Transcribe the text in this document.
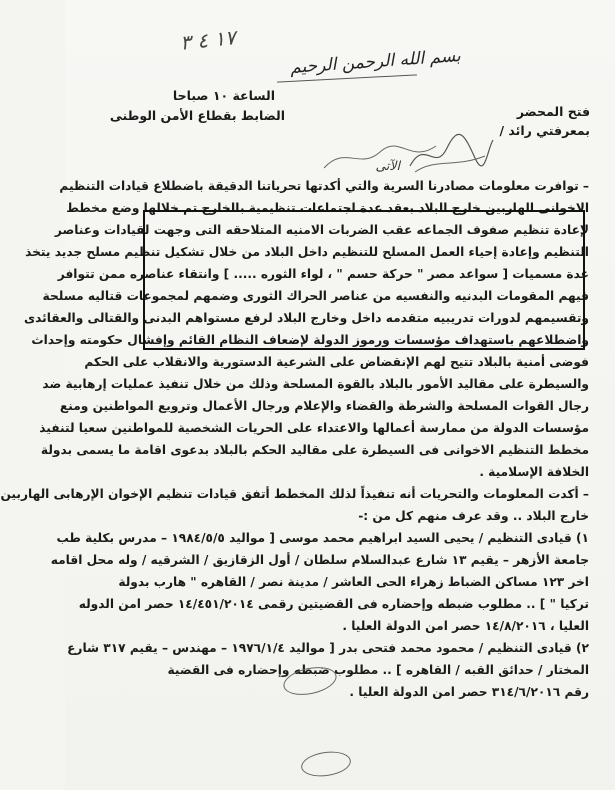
١٧ ٤ ٣
بسم الله الرحمن الرحيم
الساعة ١٠ صباحا
الضابط بقطاع الأمن الوطنى	فتح المحضر
بمعرفتي رائد /
الآتى
– توافرت معلومات مصادرنا السرية والتي أكدتها تحرياتنا الدقيقة باضطلاع قيادات التنظيم
الاخوانى الهاربين خارج البلاد بعقد عدة اجتماعات تنظيمية بالخارج تم خلالها وضع مخطط
لإعادة تنظيم صفوف الجماعه عقب الضربات الامنيه المتلاحقه التى وجهت لقيادات وعناصر
التنظيم وإعادة إحياء العمل المسلح للتنظيم داخل البلاد من خلال تشكيل تنظيم مسلح جديد يتخذ
عدة مسميات [ سواعد مصر " حركة حسم " ، لواء الثوره ..... ] وانتقاء عناصره ممن تتوافر
فيهم المقومات البدنيه والنفسيه من عناصر الحراك الثورى وضمهم لمجموعات قتاليه مسلحة
وتقسيمهم لدورات تدريبيه متقدمه داخل وخارج البلاد لرفع مستواهم البدنى والقتالى والعقائدى
واضطلاعهم باستهداف مؤسسات ورموز الدولة لإضعاف النظام القائم وإفشال حكومته وإحداث
فوضى أمنية بالبلاد تتيح لهم الإنقضاض على الشرعية الدستورية والانقلاب على الحكم
والسيطرة على مقاليد الأمور بالبلاد بالقوة المسلحة وذلك من خلال تنفيذ عمليات إرهابية ضد
رجال القوات المسلحة والشرطة والقضاء والإعلام ورجال الأعمال وترويع المواطنين ومنع
مؤسسات الدولة من ممارسة أعمالها والاعتداء على الحريات الشخصية للمواطنين سعيا لتنفيذ
مخطط التنظيم الاخوانى فى السيطرة على مقاليد الحكم بالبلاد بدعوى اقامة ما يسمى بدولة
الخلافة الإسلامية .
– أكدت المعلومات والتحريات أنه تنفيذاً لذلك المخطط أتفق قيادات تنظيم الإخوان الإرهابى الهاربين
خارج البلاد .. وقد عرف منهم كل من :-
١) قيادى التنظيم / يحيى السيد ابراهيم محمد موسى [ مواليد ١٩٨٤/٥/٥ – مدرس بكلية طب
جامعة الأزهر – يقيم ١٣ شارع عبدالسلام سلطان / أول الزقازيق / الشرقيه / وله محل اقامه
اخر ١٢٣ مساكن الضباط زهراء الحى العاشر / مدينة نصر / القاهره " هارب بدولة
تركيا " ] .. مطلوب ضبطه وإحضاره فى القضيتين رقمى ١٤/٤٥١/٢٠١٤ حصر امن الدوله
العليا ، ١٤/٨/٢٠١٦ حصر امن الدولة العليا .
٢) قيادى التنظيم / محمود محمد فتحى بدر [ مواليد ١٩٧٦/١/٤ – مهندس – يقيم ٣١٧ شارع
المختار / حدائق القبه / القاهره ] .. مطلوب ضبطه وإحضاره فى القضية
رقم ٣١٤/٦/٢٠١٦ حصر امن الدولة العليا .
